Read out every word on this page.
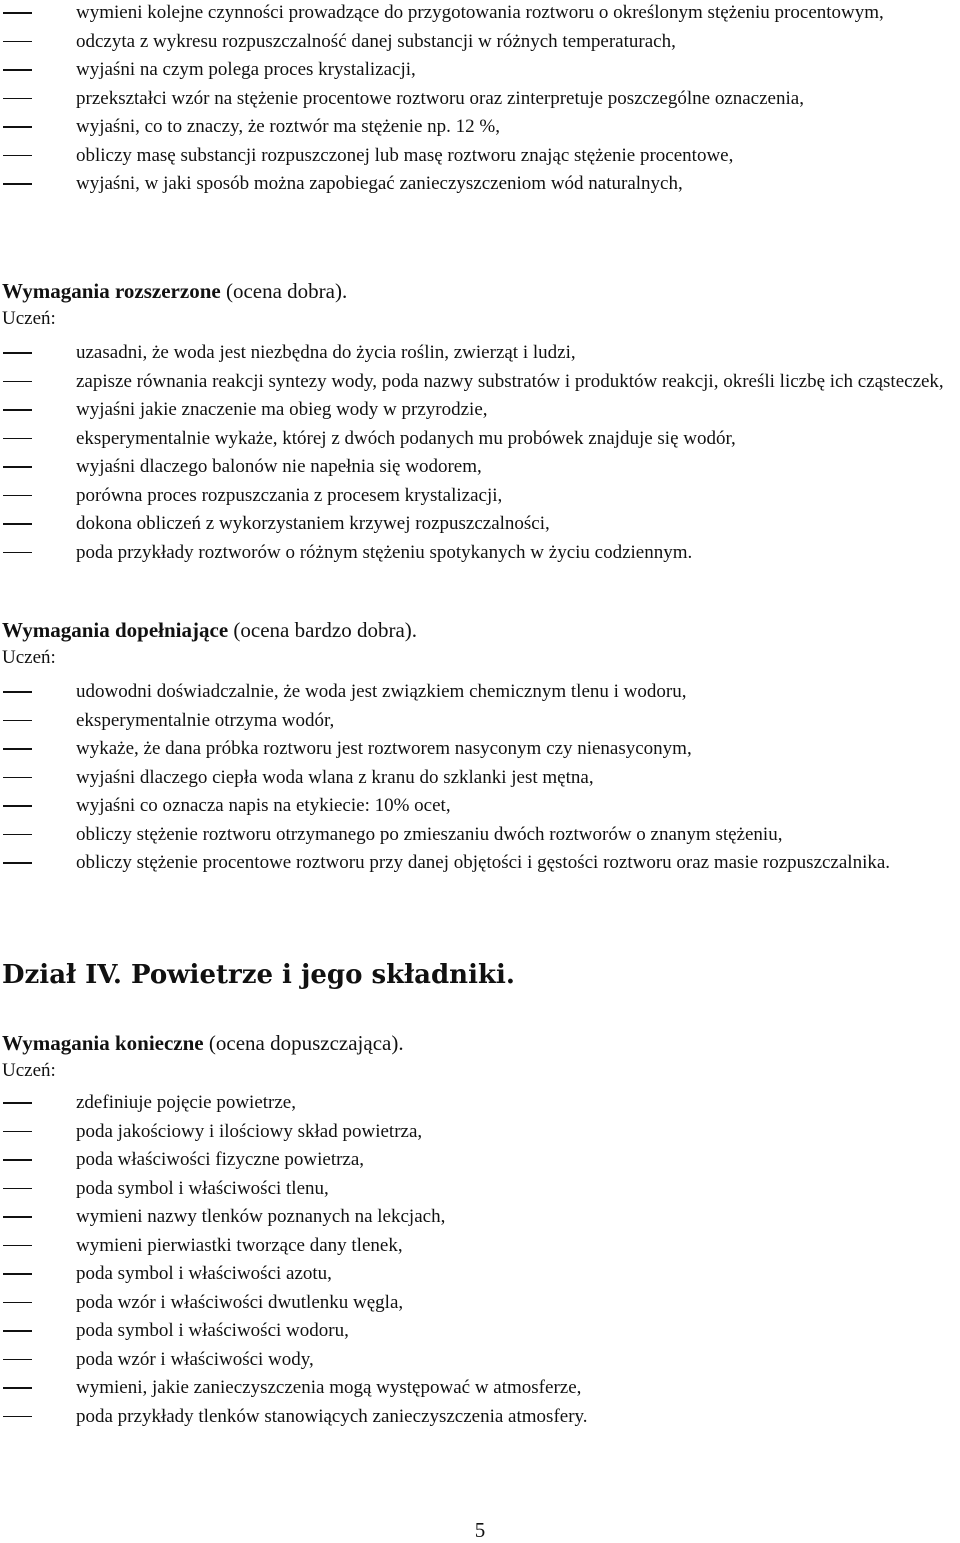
wymieni kolejne czynności prowadzące do przygotowania roztworu o określonym stężeniu procentowym,
odczyta z wykresu rozpuszczalność danej substancji w różnych temperaturach,
wyjaśni na czym polega proces krystalizacji,
przekształci wzór na stężenie procentowe roztworu oraz zinterpretuje poszczególne oznaczenia,
wyjaśni, co to znaczy, że roztwór ma stężenie np. 12 %,
obliczy masę substancji rozpuszczonej lub masę roztworu znając stężenie procentowe,
wyjaśni, w jaki sposób można zapobiegać zanieczyszczeniom wód naturalnych,

Wymagania rozszerzone (ocena dobra).

Uczeń:
uzasadni, że woda jest niezbędna do życia roślin, zwierząt i ludzi,
zapisze równania reakcji syntezy wody, poda nazwy substratów i produktów reakcji, określi liczbę ich cząsteczek,
wyjaśni jakie znaczenie ma obieg wody w przyrodzie,
eksperymentalnie wykaże, której z dwóch podanych mu probówek znajduje się wodór,
wyjaśni dlaczego balonów nie napełnia się wodorem,
porówna proces rozpuszczania z procesem krystalizacji,
dokona obliczeń z wykorzystaniem krzywej rozpuszczalności,
poda przykłady roztworów o różnym stężeniu spotykanych w życiu codziennym.

Wymagania dopełniające (ocena bardzo dobra).

Uczeń:
udowodni doświadczalnie, że woda jest związkiem chemicznym tlenu i wodoru,
eksperymentalnie otrzyma wodór,
wykaże, że dana próbka roztworu jest roztworem nasyconym czy nienasyconym,
wyjaśni dlaczego ciepła woda wlana z kranu do szklanki jest mętna,
wyjaśni co oznacza napis na etykiecie: 10% ocet,
obliczy stężenie roztworu otrzymanego po zmieszaniu dwóch roztworów o znanym stężeniu,
obliczy stężenie procentowe roztworu przy danej objętości i gęstości roztworu oraz masie rozpuszczalnika.
Dział IV. Powietrze i jego składniki.

Wymagania konieczne (ocena dopuszczająca).

Uczeń:
zdefiniuje pojęcie powietrze,
poda jakościowy i ilościowy skład powietrza,
poda właściwości fizyczne powietrza,
poda symbol i właściwości tlenu,
wymieni nazwy tlenków poznanych na lekcjach,
wymieni pierwiastki tworzące dany tlenek,
poda symbol i właściwości azotu,
poda wzór i właściwości dwutlenku węgla,
poda symbol i właściwości wodoru,
poda wzór i właściwości wody,
wymieni, jakie zanieczyszczenia mogą występować w atmosferze,
poda przykłady tlenków stanowiących zanieczyszczenia atmosfery.
5
